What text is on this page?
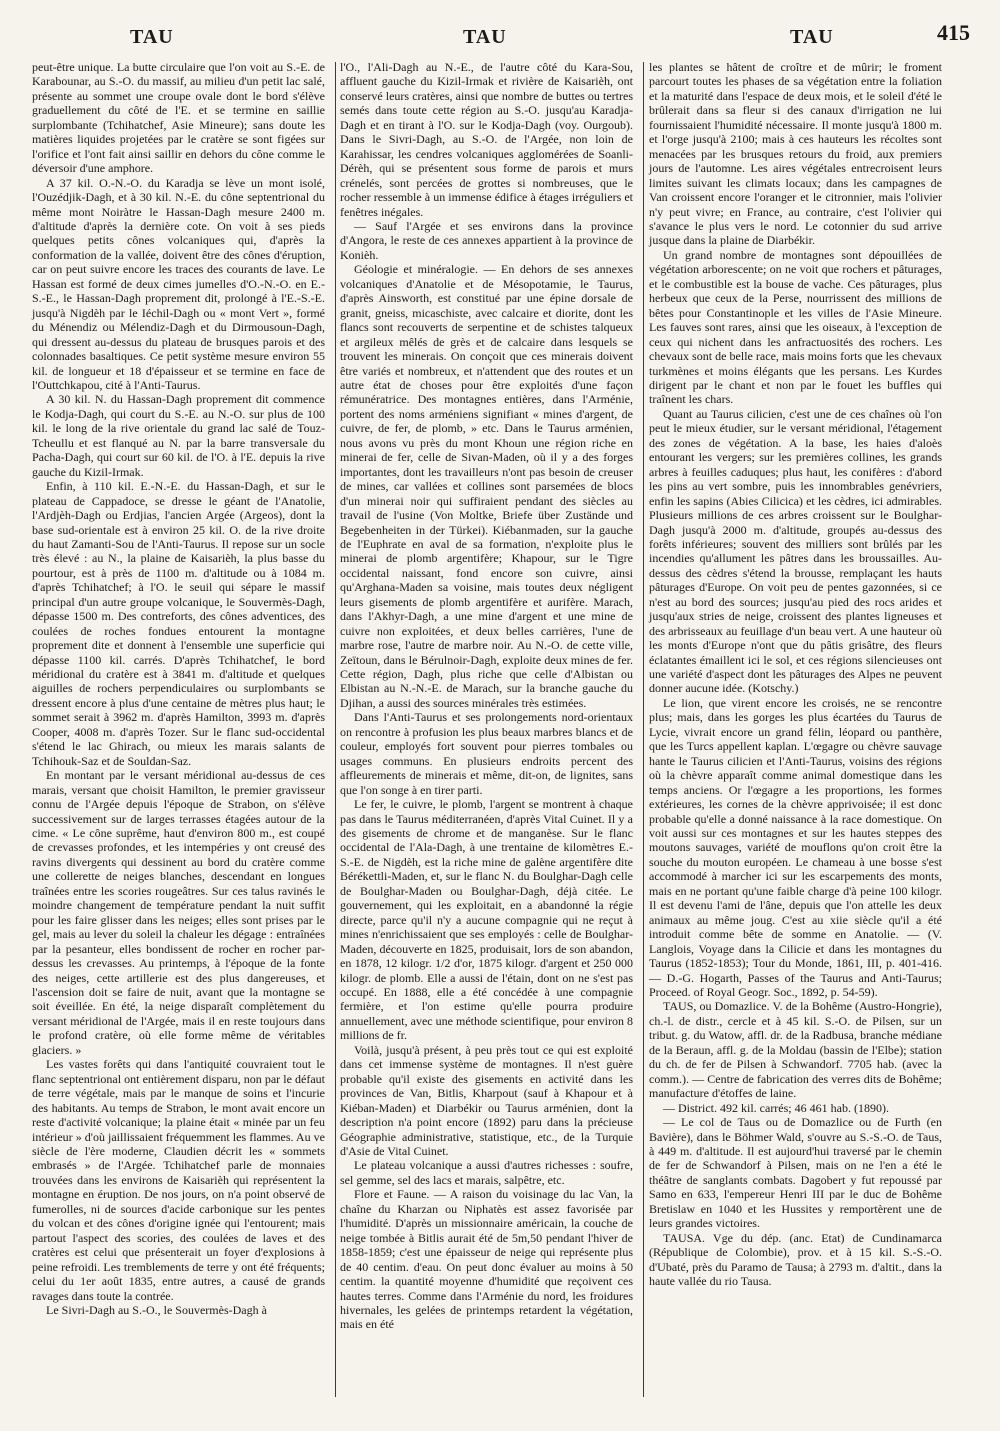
TAU	TAU	TAU	415

peut-être unique. La butte circulaire que l'on voit au S.-E. de Karabounar, au S.-O. du massif, au milieu d'un petit lac salé, présente au sommet une croupe ovale dont le bord s'élève graduellement du côté de l'E. et se termine en saillie surplombante (Tchihatchef, Asie Mineure); sans doute les matières liquides projetées par le cratère se sont figées sur l'orifice et l'ont fait ainsi saillir en dehors du cône comme le déversoir d'une amphore.

A 37 kil. O.-N.-O. du Karadja se lève un mont isolé, l'Ouzédjik-Dagh, et à 30 kil. N.-E. du cône septentrional du même mont Noiràtre le Hassan-Dagh mesure 2400 m. d'altitude d'après la dernière cote. On voit à ses pieds quelques petits cônes volcaniques qui, d'après la conformation de la vallée, doivent être des cônes d'éruption, car on peut suivre encore les traces des courants de lave. Le Hassan est formé de deux cimes jumelles d'O.-N.-O. en E.-S.-E., le Hassan-Dagh proprement dit, prolongé à l'E.-S.-E. jusqu'à Nigdèh par le Iéchil-Dagh ou « mont Vert », formé du Ménendiz ou Mélendiz-Dagh et du Dirmousoun-Dagh, qui dressent au-dessus du plateau de brusques parois et des colonnades basaltiques. Ce petit système mesure environ 55 kil. de longueur et 18 d'épaisseur et se termine en face de l'Outtchkapou, cité à l'Anti-Taurus.

A 30 kil. N. du Hassan-Dagh proprement dit commence le Kodja-Dagh, qui court du S.-E. au N.-O. sur plus de 100 kil. le long de la rive orientale du grand lac salé de Touz-Tcheullu et est flanqué au N. par la barre transversale du Pacha-Dagh, qui court sur 60 kil. de l'O. à l'E. depuis la rive gauche du Kizil-Irmak.

Enfin, à 110 kil. E.-N.-E. du Hassan-Dagh, et sur le plateau de Cappadoce, se dresse le géant de l'Anatolie, l'Ardjèh-Dagh ou Erdjias, l'ancien Argée (Argeos), dont la base sud-orientale est à environ 25 kil. O. de la rive droite du haut Zamanti-Sou de l'Anti-Taurus. Il repose sur un socle très élevé : au N., la plaine de Kaisarièh, la plus basse du pourtour, est à près de 1100 m. d'altitude ou à 1084 m. d'après Tchihatchef; à l'O. le seuil qui sépare le massif principal d'un autre groupe volcanique, le Souvermès-Dagh, dépasse 1500 m. Des contreforts, des cônes adventices, des coulées de roches fondues entourent la montagne proprement dite et donnent à l'ensemble une superficie qui dépasse 1100 kil. carrés. D'après Tchihatchef, le bord méridional du cratère est à 3841 m. d'altitude et quelques aiguilles de rochers perpendiculaires ou surplombants se dressent encore à plus d'une centaine de mètres plus haut; le sommet serait à 3962 m. d'après Hamilton, 3993 m. d'après Cooper, 4008 m. d'après Tozer. Sur le flanc sud-occidental s'étend le lac Ghirach, ou mieux les marais salants de Tchihouk-Saz et de Souldan-Saz.

En montant par le versant méridional au-dessus de ces marais, versant que choisit Hamilton, le premier gravisseur connu de l'Argée depuis l'époque de Strabon, on s'élève successivement sur de larges terrasses étagées autour de la cime. « Le cône suprême, haut d'environ 800 m., est coupé de crevasses profondes, et les intempéries y ont creusé des ravins divergents qui dessinent au bord du cratère comme une collerette de neiges blanches, descendant en longues traînées entre les scories rougeâtres. Sur ces talus ravinés le moindre changement de température pendant la nuit suffit pour les faire glisser dans les neiges; elles sont prises par le gel, mais au lever du soleil la chaleur les dégage : entraînées par la pesanteur, elles bondissent de rocher en rocher par-dessus les crevasses. Au printemps, à l'époque de la fonte des neiges, cette artillerie est des plus dangereuses, et l'ascension doit se faire de nuit, avant que la montagne se soit éveillée. En été, la neige disparaît complètement du versant méridional de l'Argée, mais il en reste toujours dans le profond cratère, où elle forme même de véritables glaciers. »

Les vastes forêts qui dans l'antiquité couvraient tout le flanc septentrional ont entièrement disparu, non par le défaut de terre végétale, mais par le manque de soins et l'incurie des habitants. Au temps de Strabon, le mont avait encore un reste d'activité volcanique; la plaine était « minée par un feu intérieur » d'où jaillissaient fréquemment les flammes. Au ve siècle de l'ère moderne, Claudien décrit les « sommets embrasés » de l'Argée. Tchihatchef parle de monnaies trouvées dans les environs de Kaisarièh qui représentent la montagne en éruption. De nos jours, on n'a point observé de fumerolles, ni de sources d'acide carbonique sur les pentes du volcan et des cônes d'origine ignée qui l'entourent; mais partout l'aspect des scories, des coulées de laves et des cratères est celui que présenterait un foyer d'explosions à peine refroidi. Les tremblements de terre y ont été fréquents; celui du 1er août 1835, entre autres, a causé de grands ravages dans toute la contrée.

Le Sivri-Dagh au S.-O., le Souvermès-Dagh à

l'O., l'Ali-Dagh au N.-E., de l'autre côté du Kara-Sou, affluent gauche du Kizil-Irmak et rivière de Kaisarièh, ont conservé leurs cratères, ainsi que nombre de buttes ou tertres semés dans toute cette région au S.-O. jusqu'au Karadja-Dagh et en tirant à l'O. sur le Kodja-Dagh (voy. Ourgoub). Dans le Sivri-Dagh, au S.-O. de l'Argée, non loin de Karahissar, les cendres volcaniques agglomérées de Soanli-Dérèh, qui se présentent sous forme de parois et murs crénelés, sont percées de grottes si nombreuses, que le rocher ressemble à un immense édifice à étages irréguliers et fenêtres inégales.

— Sauf l'Argée et ses environs dans la province d'Angora, le reste de ces annexes appartient à la province de Konièh.

Géologie et minéralogie. — En dehors de ses annexes volcaniques d'Anatolie et de Mésopotamie, le Taurus, d'après Ainsworth, est constitué par une épine dorsale de granit, gneiss, micaschiste, avec calcaire et diorite, dont les flancs sont recouverts de serpentine et de schistes talqueux et argileux mêlés de grès et de calcaire dans lesquels se trouvent les minerais. On conçoit que ces minerais doivent être variés et nombreux, et n'attendent que des routes et un autre état de choses pour être exploités d'une façon rémunératrice. Des montagnes entières, dans l'Arménie, portent des noms arméniens signifiant « mines d'argent, de cuivre, de fer, de plomb, » etc. Dans le Taurus arménien, nous avons vu près du mont Khoun une région riche en minerai de fer, celle de Sivan-Maden, où il y a des forges importantes, dont les travailleurs n'ont pas besoin de creuser de mines, car vallées et collines sont parsemées de blocs d'un minerai noir qui suffiraient pendant des siècles au travail de l'usine (Von Moltke, Briefe über Zustände und Begebenheiten in der Türkei). Kiébanmaden, sur la gauche de l'Euphrate en aval de sa formation, n'exploite plus le minerai de plomb argentifère; Khapour, sur le Tigre occidental naissant, fond encore son cuivre, ainsi qu'Arghana-Maden sa voisine, mais toutes deux négligent leurs gisements de plomb argentifère et aurifère. Marach, dans l'Akhyr-Dagh, a une mine d'argent et une mine de cuivre non exploitées, et deux belles carrières, l'une de marbre rose, l'autre de marbre noir. Au N.-O. de cette ville, Zeïtoun, dans le Bérulnoir-Dagh, exploite deux mines de fer. Cette région, Dagh, plus riche que celle d'Albistan ou Elbistan au N.-N.-E. de Marach, sur la branche gauche du Djihan, a aussi des sources minérales très estimées.

Dans l'Anti-Taurus et ses prolongements nord-orientaux on rencontre à profusion les plus beaux marbres blancs et de couleur, employés fort souvent pour pierres tombales ou usages communs. En plusieurs endroits percent des affleurements de minerais et même, dit-on, de lignites, sans que l'on songe à en tirer parti.

Le fer, le cuivre, le plomb, l'argent se montrent à chaque pas dans le Taurus méditerranéen, d'après Vital Cuinet. Il y a des gisements de chrome et de manganèse. Sur le flanc occidental de l'Ala-Dagh, à une trentaine de kilomètres E.-S.-E. de Nigdèh, est la riche mine de galène argentifère dite Bérékettli-Maden, et, sur le flanc N. du Boulghar-Dagh celle de Boulghar-Maden ou Boulghar-Dagh, déjà citée. Le gouvernement, qui les exploitait, en a abandonné la régie directe, parce qu'il n'y a aucune compagnie qui ne reçut à mines n'enrichissaient que ses employés : celle de Boulghar-Maden, découverte en 1825, produisait, lors de son abandon, en 1878, 12 kilogr. 1/2 d'or, 1875 kilogr. d'argent et 250 000 kilogr. de plomb. Elle a aussi de l'étain, dont on ne s'est pas occupé. En 1888, elle a été concédée à une compagnie fermière, et l'on estime qu'elle pourra produire annuellement, avec une méthode scientifique, pour environ 8 millions de fr.

Voilà, jusqu'à présent, à peu près tout ce qui est exploité dans cet immense système de montagnes. Il n'est guère probable qu'il existe des gisements en activité dans les provinces de Van, Bitlis, Kharpout (sauf à Khapour et à Kiéban-Maden) et Diarbékir ou Taurus arménien, dont la description n'a point encore (1892) paru dans la précieuse Géographie administrative, statistique, etc., de la Turquie d'Asie de Vital Cuinet.

Le plateau volcanique a aussi d'autres richesses : soufre, sel gemme, sel des lacs et marais, salpêtre, etc.

Flore et Faune. — A raison du voisinage du lac Van, la chaîne du Kharzan ou Niphatès est assez favorisée par l'humidité. D'après un missionnaire américain, la couche de neige tombée à Bitlis aurait été de 5m,50 pendant l'hiver de 1858-1859; c'est une épaisseur de neige qui représente plus de 40 centim. d'eau. On peut donc évaluer au moins à 50 centim. la quantité moyenne d'humidité que reçoivent ces hautes terres. Comme dans l'Arménie du nord, les froidures hivernales, les gelées de printemps retardent la végétation, mais en été

les plantes se hâtent de croître et de mûrir; le froment parcourt toutes les phases de sa végétation entre la foliation et la maturité dans l'espace de deux mois, et le soleil d'été le brûlerait dans sa fleur si des canaux d'irrigation ne lui fournissaient l'humidité nécessaire. Il monte jusqu'à 1800 m. et l'orge jusqu'à 2100; mais à ces hauteurs les récoltes sont menacées par les brusques retours du froid, aux premiers jours de l'automne. Les aires végétales entrecroisent leurs limites suivant les climats locaux; dans les campagnes de Van croissent encore l'oranger et le citronnier, mais l'olivier n'y peut vivre; en France, au contraire, c'est l'olivier qui s'avance le plus vers le nord. Le cotonnier du sud arrive jusque dans la plaine de Diarbékir.

Un grand nombre de montagnes sont dépouillées de végétation arborescente; on ne voit que rochers et pâturages, et le combustible est la bouse de vache. Ces pâturages, plus herbeux que ceux de la Perse, nourrissent des millions de bêtes pour Constantinople et les villes de l'Asie Mineure. Les fauves sont rares, ainsi que les oiseaux, à l'exception de ceux qui nichent dans les anfractuosités des rochers. Les chevaux sont de belle race, mais moins forts que les chevaux turkmènes et moins élégants que les persans. Les Kurdes dirigent par le chant et non par le fouet les buffles qui traînent les chars.

Quant au Taurus cilicien, c'est une de ces chaînes où l'on peut le mieux étudier, sur le versant méridional, l'étagement des zones de végétation. A la base, les haies d'aloès entourant les vergers; sur les premières collines, les grands arbres à feuilles caduques; plus haut, les conifères : d'abord les pins au vert sombre, puis les innombrables genévriers, enfin les sapins (Abies Cilicica) et les cèdres, ici admirables. Plusieurs millions de ces arbres croissent sur le Boulghar-Dagh jusqu'à 2000 m. d'altitude, groupés au-dessus des forêts inférieures; souvent des milliers sont brûlés par les incendies qu'allument les pâtres dans les broussailles. Au-dessus des cèdres s'étend la brousse, remplaçant les hauts pâturages d'Europe. On voit peu de pentes gazonnées, si ce n'est au bord des sources; jusqu'au pied des rocs arides et jusqu'aux stries de neige, croissent des plantes ligneuses et des arbrisseaux au feuillage d'un beau vert. A une hauteur où les monts d'Europe n'ont que du pâtis grisâtre, des fleurs éclatantes émaillent ici le sol, et ces régions silencieuses ont une variété d'aspect dont les pâturages des Alpes ne peuvent donner aucune idée. (Kotschy.)

Le lion, que virent encore les croisés, ne se rencontre plus; mais, dans les gorges les plus écartées du Taurus de Lycie, vivrait encore un grand félin, léopard ou panthère, que les Turcs appellent kaplan. L'œgagre ou chèvre sauvage hante le Taurus cilicien et l'Anti-Taurus, voisins des régions où la chèvre apparaît comme animal domestique dans les temps anciens. Or l'œgagre a les proportions, les formes extérieures, les cornes de la chèvre apprivoisée; il est donc probable qu'elle a donné naissance à la race domestique. On voit aussi sur ces montagnes et sur les hautes steppes des moutons sauvages, variété de mouflons qu'on croit être la souche du mouton européen. Le chameau à une bosse s'est accommodé à marcher ici sur les escarpements des monts, mais en ne portant qu'une faible charge d'à peine 100 kilogr. Il est devenu l'ami de l'âne, depuis que l'on attelle les deux animaux au même joug. C'est au xiie siècle qu'il a été introduit comme bête de somme en Anatolie. — (V. Langlois, Voyage dans la Cilicie et dans les montagnes du Taurus (1852-1853); Tour du Monde, 1861, III, p. 401-416. — D.-G. Hogarth, Passes of the Taurus and Anti-Taurus; Proceed. of Royal Geogr. Soc., 1892, p. 54-59).

TAUS, ou Domazlice. V. de la Bohême (Austro-Hongrie), ch.-l. de distr., cercle et à 45 kil. S.-O. de Pilsen, sur un tribut. g. du Watow, affl. dr. de la Radbusa, branche médiane de la Beraun, affl. g. de la Moldau (bassin de l'Elbe); station du ch. de fer de Pilsen à Schwandorf. 7705 hab. (avec la comm.). — Centre de fabrication des verres dits de Bohême; manufacture d'étoffes de laine.

— District. 492 kil. carrés; 46 461 hab. (1890).

— Le col de Taus ou de Domazlice ou de Furth (en Bavière), dans le Böhmer Wald, s'ouvre au S.-S.-O. de Taus, à 449 m. d'altitude. Il est aujourd'hui traversé par le chemin de fer de Schwandorf à Pilsen, mais on ne l'en a été le théâtre de sanglants combats. Dagobert y fut repoussé par Samo en 633, l'empereur Henri III par le duc de Bohême Bretislaw en 1040 et les Hussites y remportèrent une de leurs grandes victoires.

TAUSA. Vge du dép. (anc. Etat) de Cundinamarca (République de Colombie), prov. et à 15 kil. S.-S.-O. d'Ubaté, près du Paramo de Tausa; à 2793 m. d'altit., dans la haute vallée du rio Tausa.
